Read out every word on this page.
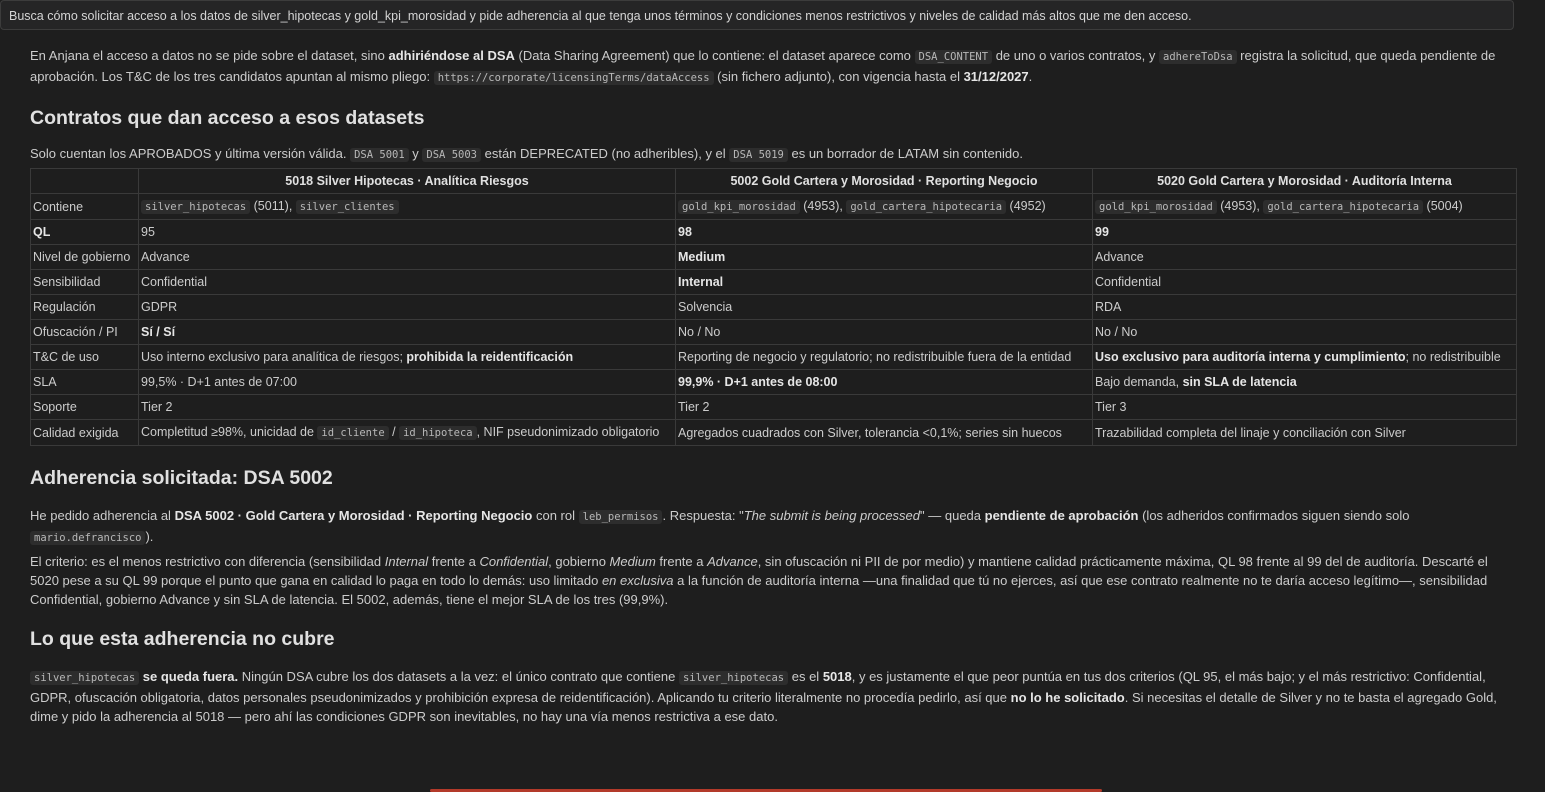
Busca cómo solicitar acceso a los datos de silver_hipotecas y gold_kpi_morosidad y pide adherencia al que tenga unos términos y condiciones menos restrictivos y niveles de calidad más altos que me den acceso.

En Anjana el acceso a datos no se pide sobre el dataset, sino adhiriéndose al DSA (Data Sharing Agreement) que lo contiene: el dataset aparece como DSA_CONTENT de uno o varios contratos, y adhereToDsa registra la solicitud, que queda pendiente de aprobación. Los T&C de los tres candidatos apuntan al mismo pliego: https://corporate/licensingTerms/dataAccess (sin fichero adjunto), con vigencia hasta el 31/12/2027.

Contratos que dan acceso a esos datasets

Solo cuentan los APROBADOS y última versión válida. DSA 5001 y DSA 5003 están DEPRECATED (no adheribles), y el DSA 5019 es un borrador de LATAM sin contenido.

	5018 Silver Hipotecas · Analítica Riesgos	5002 Gold Cartera y Morosidad · Reporting Negocio	5020 Gold Cartera y Morosidad · Auditoría Interna
Contiene	silver_hipotecas (5011), silver_clientes	gold_kpi_morosidad (4953), gold_cartera_hipotecaria (4952)	gold_kpi_morosidad (4953), gold_cartera_hipotecaria (5004)
QL	95	98	99
Nivel de gobierno	Advance	Medium	Advance
Sensibilidad	Confidential	Internal	Confidential
Regulación	GDPR	Solvencia	RDA
Ofuscación / PI	Sí / Sí	No / No	No / No
T&C de uso	Uso interno exclusivo para analítica de riesgos; prohibida la reidentificación	Reporting de negocio y regulatorio; no redistribuible fuera de la entidad	Uso exclusivo para auditoría interna y cumplimiento; no redistribuible
SLA	99,5% · D+1 antes de 07:00	99,9% · D+1 antes de 08:00	Bajo demanda, sin SLA de latencia
Soporte	Tier 2	Tier 2	Tier 3
Calidad exigida	Completitud ≥98%, unicidad de id_cliente / id_hipoteca , NIF pseudonimizado obligatorio	Agregados cuadrados con Silver, tolerancia <0,1%; series sin huecos	Trazabilidad completa del linaje y conciliación con Silver
Adherencia solicitada: DSA 5002

He pedido adherencia al DSA 5002 · Gold Cartera y Morosidad · Reporting Negocio con rol leb_permisos . Respuesta: "The submit is being processed" — queda pendiente de aprobación (los adheridos confirmados siguen siendo solo mario.defrancisco ).

El criterio: es el menos restrictivo con diferencia (sensibilidad Internal frente a Confidential, gobierno Medium frente a Advance, sin ofuscación ni PII de por medio) y mantiene calidad prácticamente máxima, QL 98 frente al 99 del de auditoría. Descarté el 5020 pese a su QL 99 porque el punto que gana en calidad lo paga en todo lo demás: uso limitado en exclusiva a la función de auditoría interna —una finalidad que tú no ejerces, así que ese contrato realmente no te daría acceso legítimo—, sensibilidad Confidential, gobierno Advance y sin SLA de latencia. El 5002, además, tiene el mejor SLA de los tres (99,9%).

Lo que esta adherencia no cubre

silver_hipotecas se queda fuera. Ningún DSA cubre los dos datasets a la vez: el único contrato que contiene silver_hipotecas es el 5018, y es justamente el que peor puntúa en tus dos criterios (QL 95, el más bajo; y el más restrictivo: Confidential, GDPR, ofuscación obligatoria, datos personales pseudonimizados y prohibición expresa de reidentificación). Aplicando tu criterio literalmente no procedía pedirlo, así que no lo he solicitado. Si necesitas el detalle de Silver y no te basta el agregado Gold, dime y pido la adherencia al 5018 — pero ahí las condiciones GDPR son inevitables, no hay una vía menos restrictiva a ese dato.
